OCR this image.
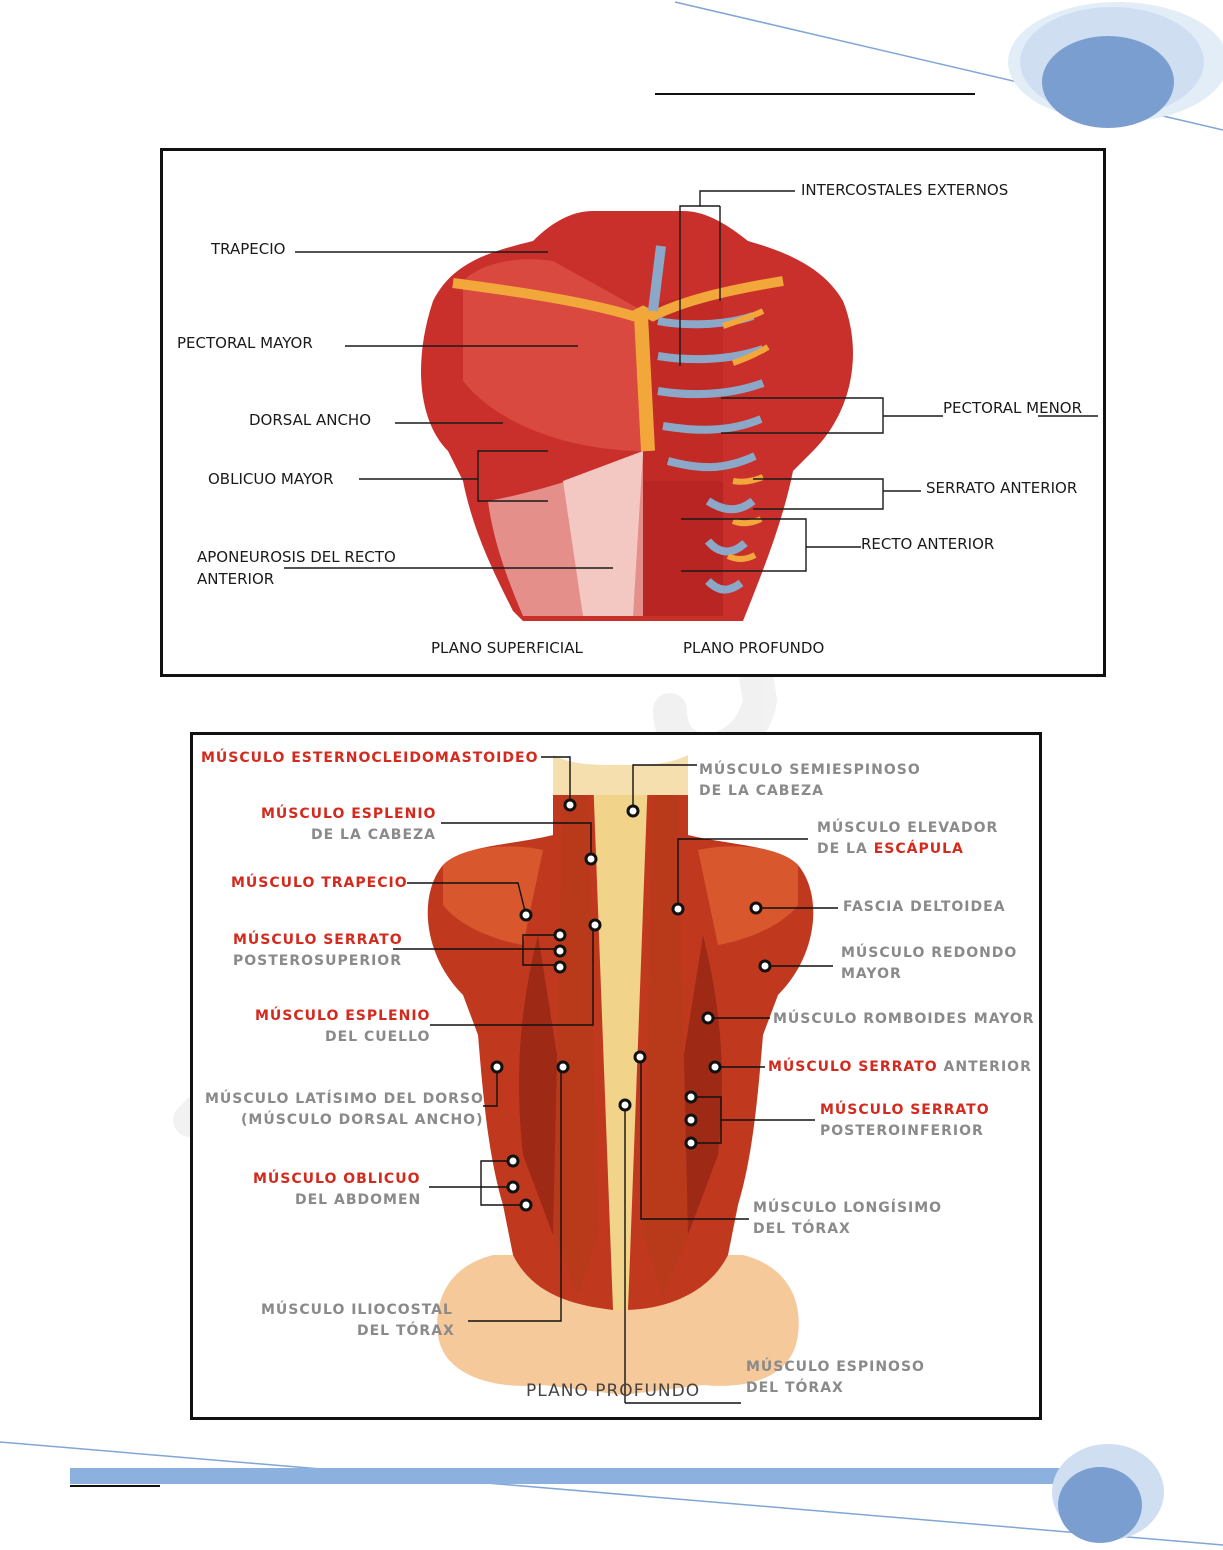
TRAPECIO
PECTORAL MAYOR
DORSAL ANCHO
OBLICUO MAYOR
APONEUROSIS DEL RECTO
ANTERIOR
INTERCOSTALES EXTERNOS
PECTORAL MENOR
SERRATO ANTERIOR
RECTO ANTERIOR
PLANO SUPERFICIAL	PLANO PROFUNDO
MÚSCULO ESTERNOCLEIDOMASTOIDEO
MÚSCULO ESPLENIO
DE LA CABEZA
MÚSCULO TRAPECIO
MÚSCULO SERRATO
POSTEROSUPERIOR
MÚSCULO ESPLENIO
DEL CUELLO
MÚSCULO LATÍSIMO DEL DORSO
(MÚSCULO DORSAL ANCHO)
MÚSCULO OBLICUO
DEL ABDOMEN
MÚSCULO ILIOCOSTAL
DEL TÓRAX
PLANO PROFUNDO
MÚSCULO SEMIESPINOSO
DE LA CABEZA
MÚSCULO ELEVADOR
DE LA ESCÁPULA
FASCIA DELTOIDEA
MÚSCULO REDONDO
MAYOR
MÚSCULO ROMBOIDES MAYOR
MÚSCULO SERRATO ANTERIOR
MÚSCULO SERRATO
POSTEROINFERIOR
MÚSCULO LONGÍSIMO
DEL TÓRAX
MÚSCULO ESPINOSO
DEL TÓRAX
